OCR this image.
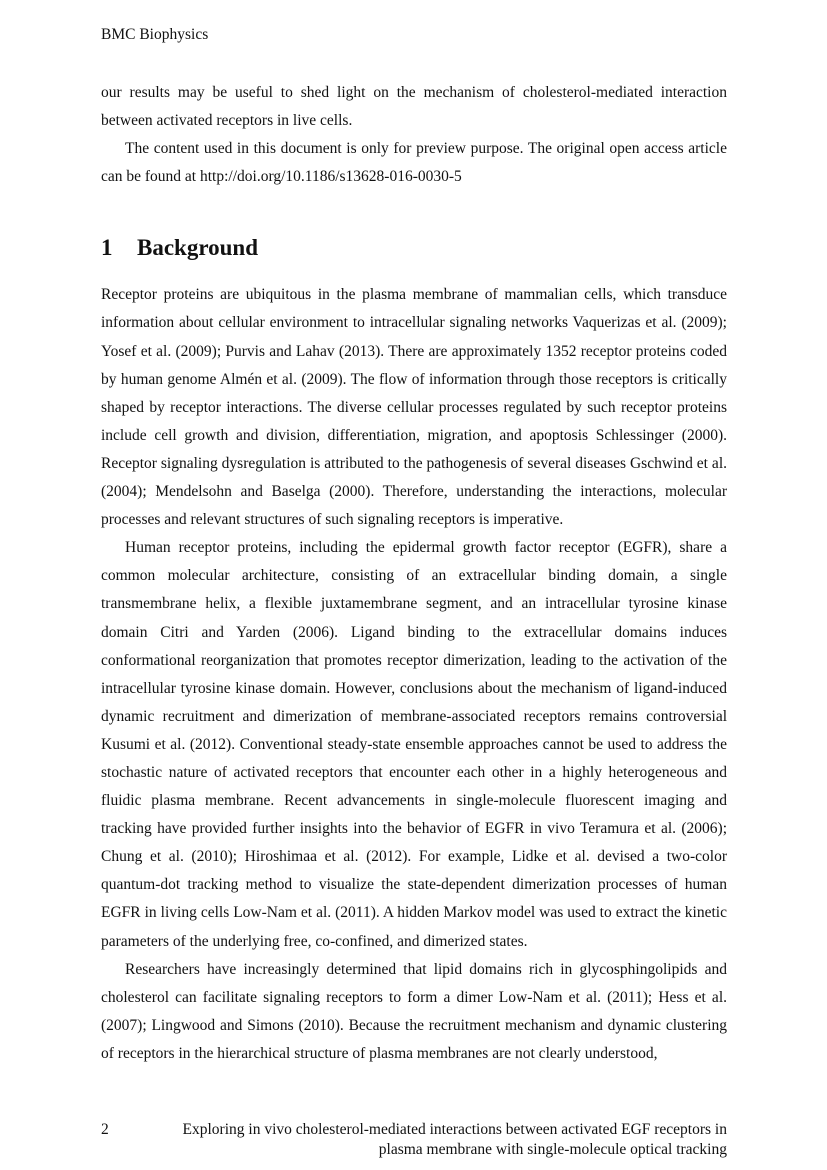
BMC Biophysics

our results may be useful to shed light on the mechanism of cholesterol-mediated interaction between activated receptors in live cells.

The content used in this document is only for preview purpose. The original open access article can be found at http://doi.org/10.1186/s13628-016-0030-5

1 Background

Receptor proteins are ubiquitous in the plasma membrane of mammalian cells, which transduce information about cellular environment to intracellular signaling networks Vaquerizas et al. (2009); Yosef et al. (2009); Purvis and Lahav (2013). There are approximately 1352 receptor proteins coded by human genome Almén et al. (2009). The flow of information through those receptors is critically shaped by receptor interactions. The diverse cellular processes regulated by such receptor proteins include cell growth and division, differentiation, migration, and apoptosis Schlessinger (2000). Receptor signaling dysregulation is attributed to the pathogenesis of several diseases Gschwind et al. (2004); Mendelsohn and Baselga (2000). Therefore, understanding the interactions, molecular processes and relevant structures of such signaling receptors is imperative.

Human receptor proteins, including the epidermal growth factor receptor (EGFR), share a common molecular architecture, consisting of an extracellular binding domain, a single transmembrane helix, a flexible juxtamembrane segment, and an intracellular tyrosine kinase domain Citri and Yarden (2006). Ligand binding to the extracellular domains induces conformational reorganization that promotes receptor dimerization, leading to the activation of the intracellular tyrosine kinase domain. However, conclusions about the mechanism of ligand-induced dynamic recruitment and dimerization of membrane-associated receptors remains controversial Kusumi et al. (2012). Conventional steady-state ensemble approaches cannot be used to address the stochastic nature of activated receptors that encounter each other in a highly heterogeneous and fluidic plasma membrane. Recent advancements in single-molecule fluorescent imaging and tracking have provided further insights into the behavior of EGFR in vivo Teramura et al. (2006); Chung et al. (2010); Hiroshimaa et al. (2012). For example, Lidke et al. devised a two-color quantum-dot tracking method to visualize the state-dependent dimerization processes of human EGFR in living cells Low-Nam et al. (2011). A hidden Markov model was used to extract the kinetic parameters of the underlying free, co-confined, and dimerized states.

Researchers have increasingly determined that lipid domains rich in glycosphingolipids and cholesterol can facilitate signaling receptors to form a dimer Low-Nam et al. (2011); Hess et al. (2007); Lingwood and Simons (2010). Because the recruitment mechanism and dynamic clustering of receptors in the hierarchical structure of plasma membranes are not clearly understood,

2	Exploring in vivo cholesterol-mediated interactions between activated EGF receptors in plasma membrane with single-molecule optical tracking
